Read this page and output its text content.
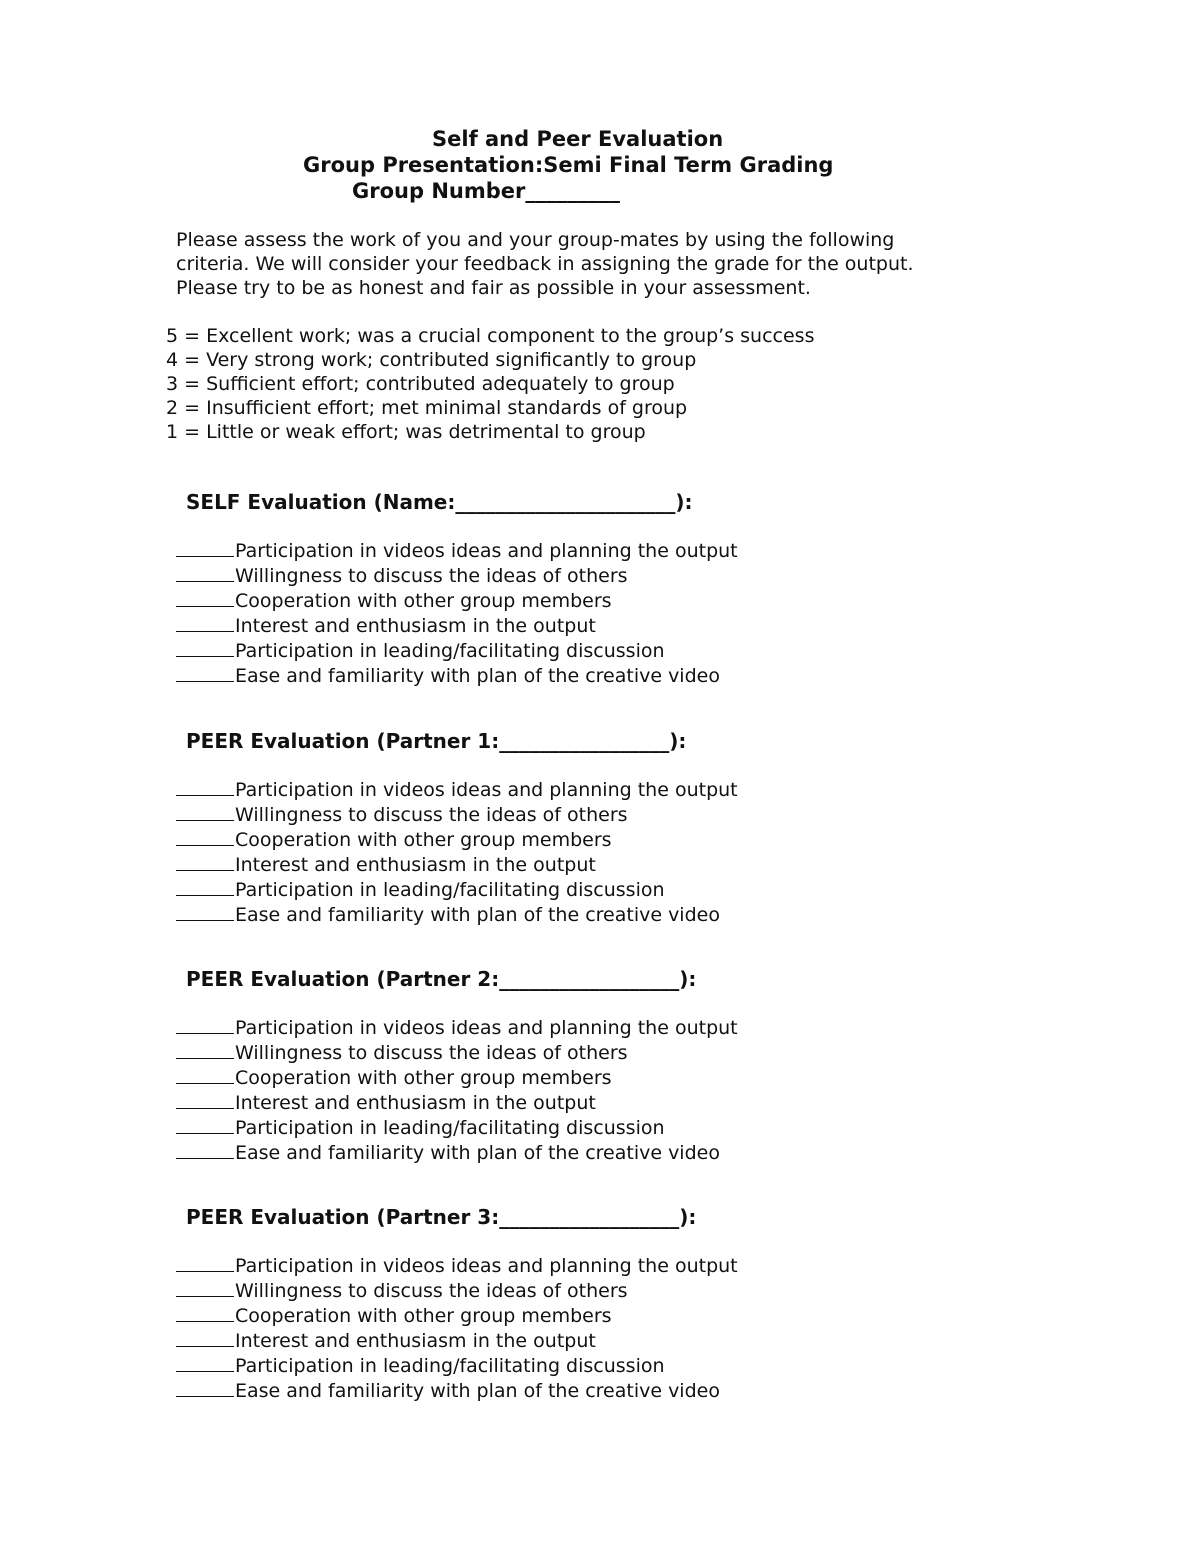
Self and Peer Evaluation
Group Presentation:Semi Final Term Grading
Group Number_________
Please assess the work of you and your group-mates by using the following
criteria. We will consider your feedback in assigning the grade for the output.
Please try to be as honest and fair as possible in your assessment.
5 = Excellent work; was a crucial component to the group’s success
4 = Very strong work; contributed significantly to group
3 = Sufficient effort; contributed adequately to group
2 = Insufficient effort; met minimal standards of group
1 = Little or weak effort; was detrimental to group
SELF Evaluation (Name:______________________):
Participation in videos ideas and planning the output
Willingness to discuss the ideas of others
Cooperation with other group members
Interest and enthusiasm in the output
Participation in leading/facilitating discussion
Ease and familiarity with plan of the creative video
PEER Evaluation (Partner 1:_________________):
Participation in videos ideas and planning the output
Willingness to discuss the ideas of others
Cooperation with other group members
Interest and enthusiasm in the output
Participation in leading/facilitating discussion
Ease and familiarity with plan of the creative video
PEER Evaluation (Partner 2:__________________):
Participation in videos ideas and planning the output
Willingness to discuss the ideas of others
Cooperation with other group members
Interest and enthusiasm in the output
Participation in leading/facilitating discussion
Ease and familiarity with plan of the creative video
PEER Evaluation (Partner 3:__________________):
Participation in videos ideas and planning the output
Willingness to discuss the ideas of others
Cooperation with other group members
Interest and enthusiasm in the output
Participation in leading/facilitating discussion
Ease and familiarity with plan of the creative video
